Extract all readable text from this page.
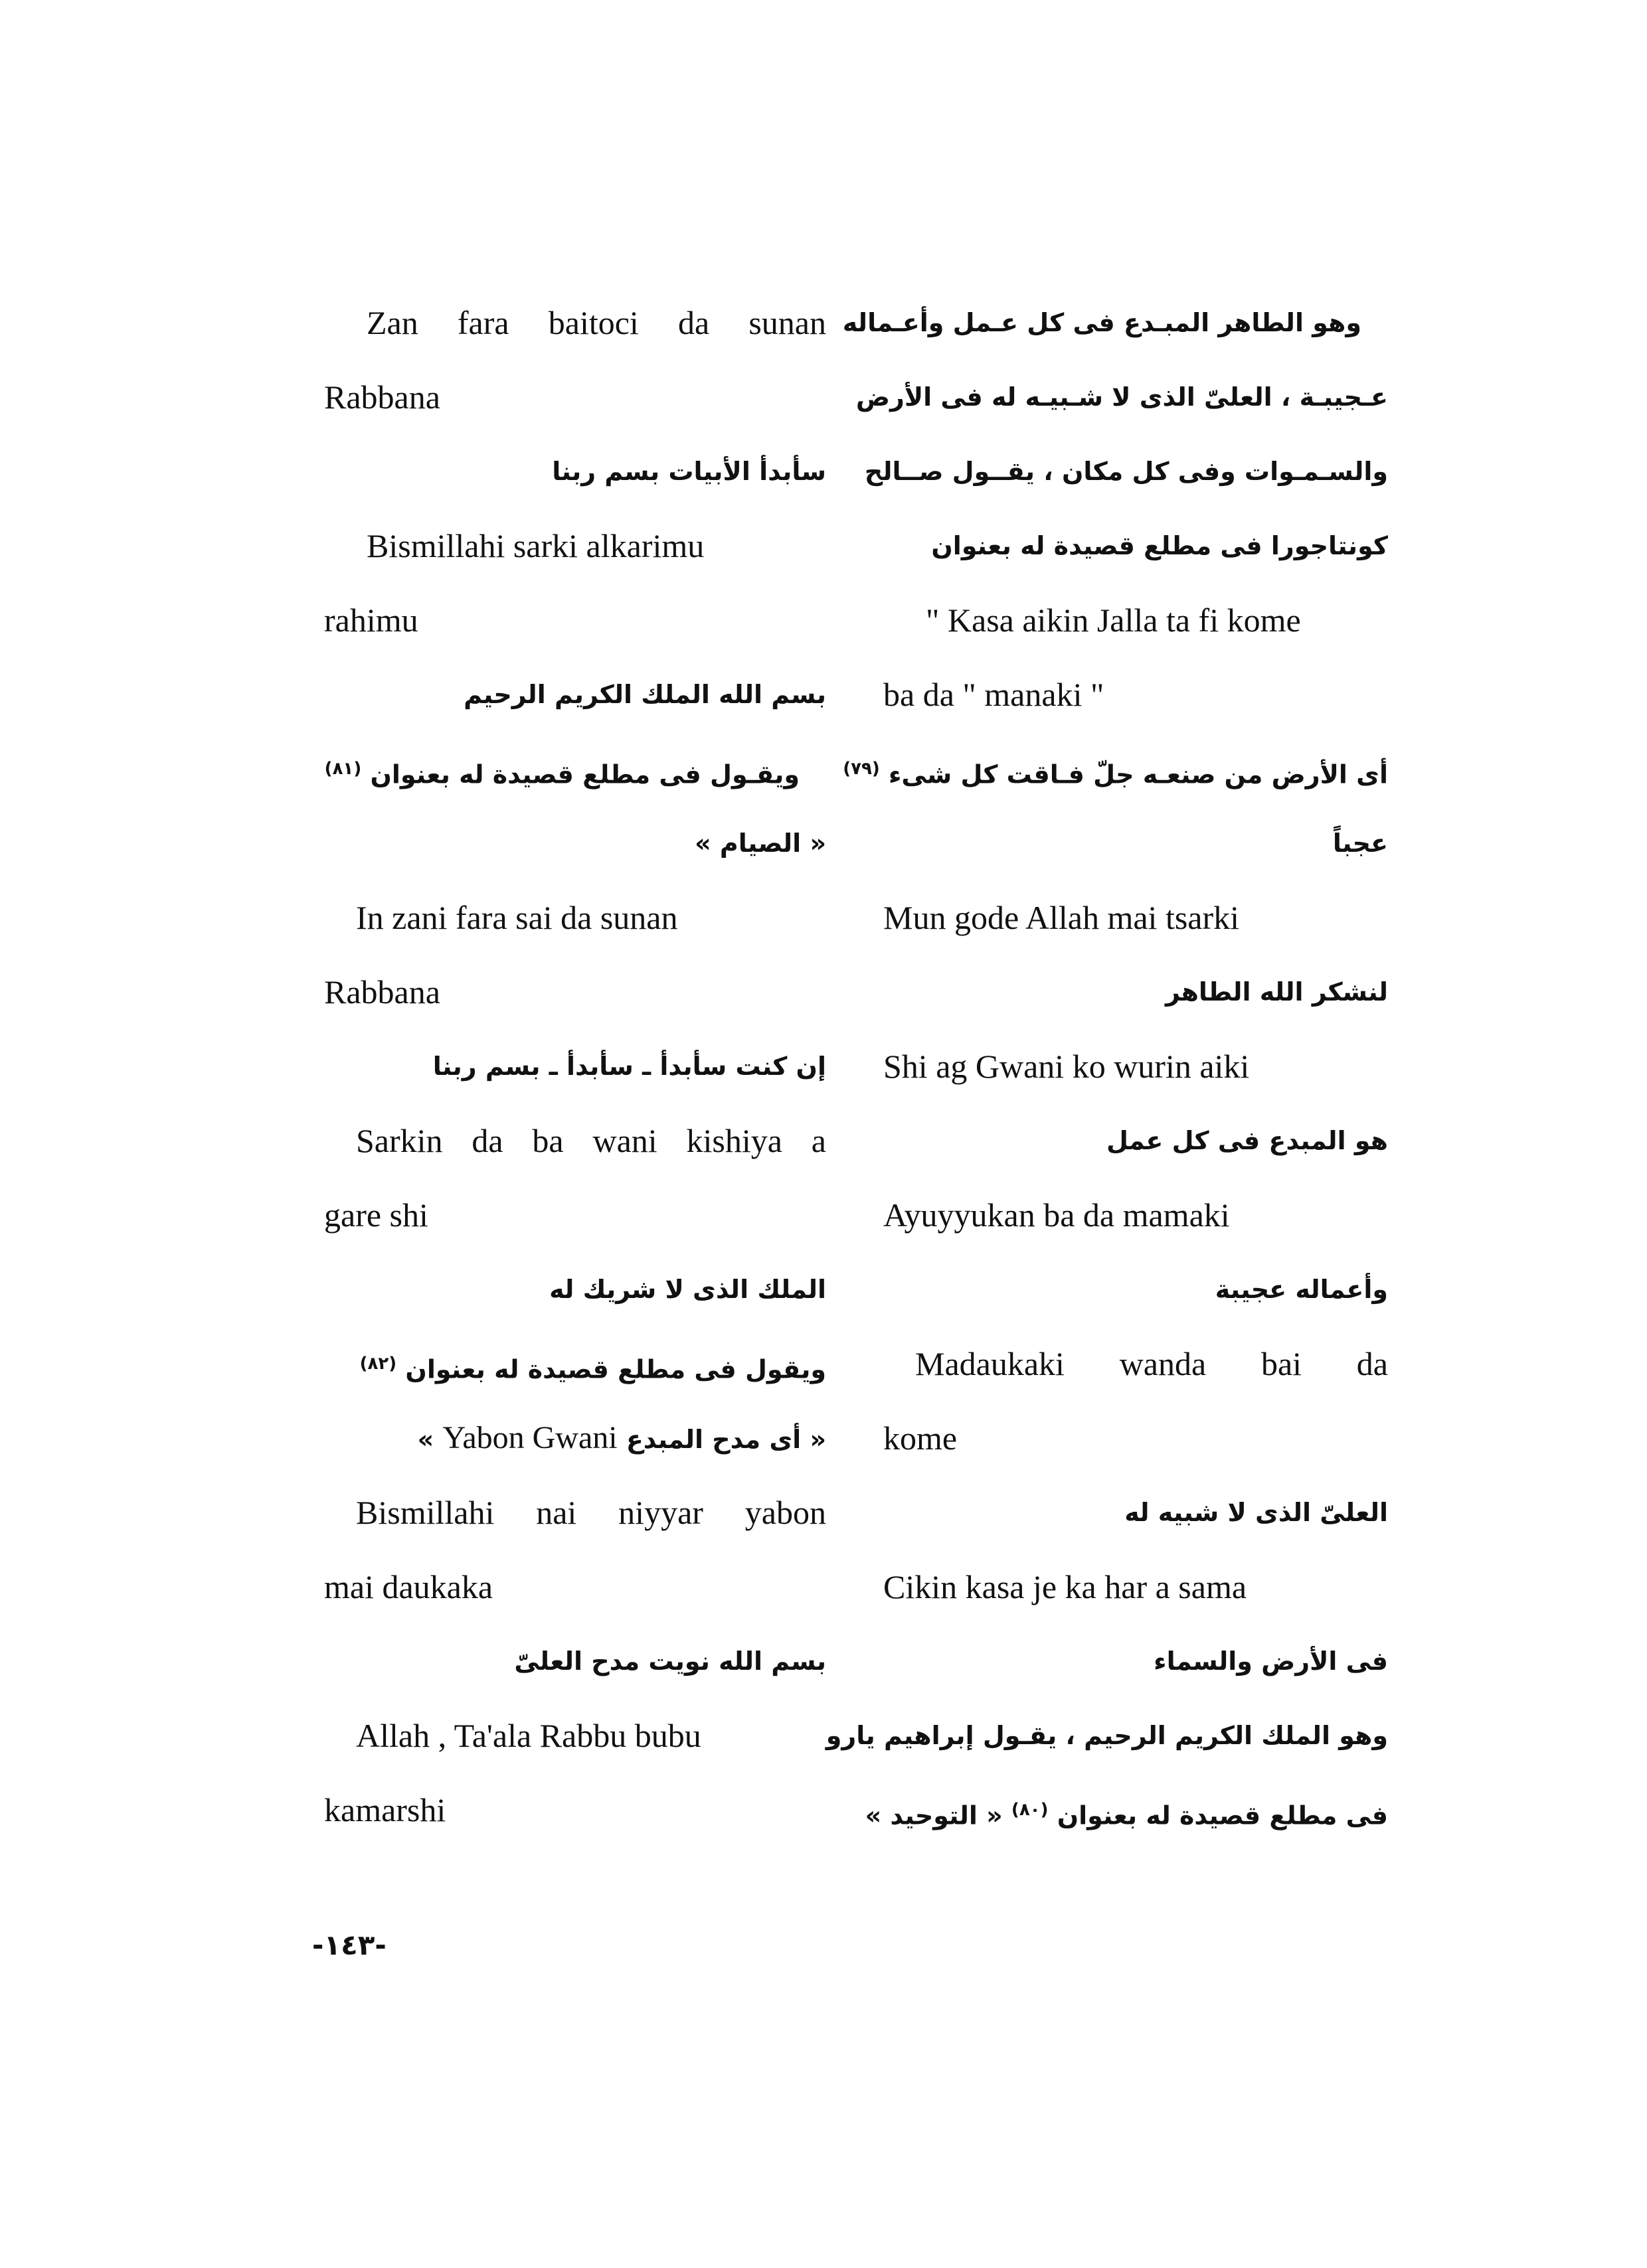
Zan fara baitoci da sunan
Rabbana
سأبدأ الأبيات بسم ربنا
Bismillahi sarki alkarimu
rahimu
بسم الله الملك الكريم الرحيم
ويقـول فى مطلع قصيدة له بعنوان $^{(٨١)}$
« الصيام »
In zani fara sai da sunan
Rabbana
إن كنت سأبدأ ـ سأبدأ ـ بسم ربنا
Sarkin da ba wani kishiya a
gare shi
الملك الذى لا شريك له
ويقول فى مطلع قصيدة له بعنوان $^{(٨٢)}$
« أى مدح المبدع Yabon Gwani »
Bismillahi nai niyyar yabon
mai daukaka
بسم الله نويت مدح العلىّ
Allah , Ta'ala Rabbu bubu
kamarshi
وهو الطاهر المبـدع فى كل عـمل وأعـماله
عـجيبـة ، العلىّ الذى لا شـبيـه له فى الأرض
والسـمـوات وفى كل مكان ، يقــول صــالح
كونتاجورا فى مطلع قصيدة له بعنوان
" Kasa aikin Jalla ta fi kome
ba da " manaki "
أى الأرض من صنعـه جلّ فـاقت كل شىء $^{(٧٩)}$
عجباً
Mun gode Allah mai tsarki
لنشكر الله الطاهر
Shi ag Gwani ko wurin aiki
هو المبدع فى كل عمل
Ayuyyukan ba da mamaki
وأعماله عجيبة
Madaukaki wanda bai da
kome
العلىّ الذى لا شبيه له
Cikin kasa je ka har a sama
فى الأرض والسماء
وهو الملك الكريم الرحيم ، يقـول إبراهيم يارو
فى مطلع قصيدة له بعنوان $^{(٨٠)}$ « التوحيد »
-١٤٣-
